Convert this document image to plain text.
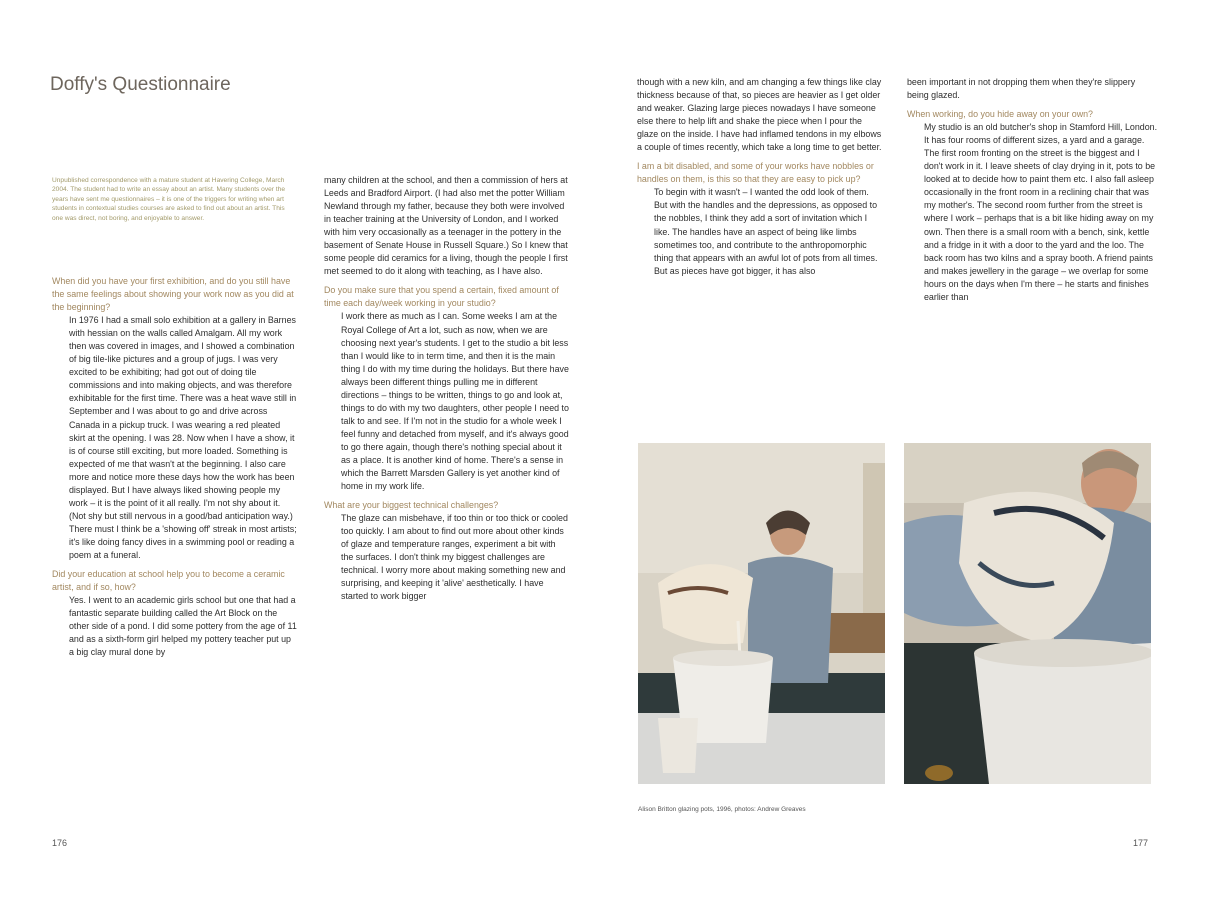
Doffy's Questionnaire

Unpublished correspondence with a mature student at Havering College, March 2004. The student had to write an essay about an artist. Many students over the years have sent me questionnaires – it is one of the triggers for writing when art students in contextual studies courses are asked to find out about an artist. This one was direct, not boring, and enjoyable to answer.

When did you have your first exhibition, and do you still have the same feelings about showing your work now as you did at the beginning?

In 1976 I had a small solo exhibition at a gallery in Barnes with hessian on the walls called Amalgam. All my work then was covered in images, and I showed a combination of big tile-like pictures and a group of jugs. I was very excited to be exhibiting; had got out of doing tile commissions and into making objects, and was therefore exhibitable for the first time. There was a heat wave still in September and I was about to go and drive across Canada in a pickup truck. I was wearing a red pleated skirt at the opening. I was 28. Now when I have a show, it is of course still exciting, but more loaded. Something is expected of me that wasn't at the beginning. I also care more and notice more these days how the work has been displayed. But I have always liked showing people my work – it is the point of it all really. I'm not shy about it. (Not shy but still nervous in a good/bad anticipation way.) There must I think be a 'showing off' streak in most artists; it's like doing fancy dives in a swimming pool or reading a poem at a funeral.

Did your education at school help you to become a ceramic artist, and if so, how?

Yes. I went to an academic girls school but one that had a fantastic separate building called the Art Block on the other side of a pond. I did some pottery from the age of 11 and as a sixth-form girl helped my pottery teacher put up a big clay mural done by

many children at the school, and then a commission of hers at Leeds and Bradford Airport. (I had also met the potter William Newland through my father, because they both were involved in teacher training at the University of London, and I worked with him very occasionally as a teenager in the pottery in the basement of Senate House in Russell Square.) So I knew that some people did ceramics for a living, though the people I first met seemed to do it along with teaching, as I have also.

Do you make sure that you spend a certain, fixed amount of time each day/week working in your studio?

I work there as much as I can. Some weeks I am at the Royal College of Art a lot, such as now, when we are choosing next year's students. I get to the studio a bit less than I would like to in term time, and then it is the main thing I do with my time during the holidays. But there have always been different things pulling me in different directions – things to be written, things to go and look at, things to do with my two daughters, other people I need to talk to and see. If I'm not in the studio for a whole week I feel funny and detached from myself, and it's always good to go there again, though there's nothing special about it as a place. It is another kind of home. There's a sense in which the Barrett Marsden Gallery is yet another kind of home in my work life.

What are your biggest technical challenges?

The glaze can misbehave, if too thin or too thick or cooled too quickly. I am about to find out more about other kinds of glaze and temperature ranges, experiment a bit with the surfaces. I don't think my biggest challenges are technical. I worry more about making something new and surprising, and keeping it 'alive' aesthetically. I have started to work bigger

though with a new kiln, and am changing a few things like clay thickness because of that, so pieces are heavier as I get older and weaker. Glazing large pieces nowadays I have someone else there to help lift and shake the piece when I pour the glaze on the inside. I have had inflamed tendons in my elbows a couple of times recently, which take a long time to get better.

I am a bit disabled, and some of your works have nobbles or handles on them, is this so that they are easy to pick up?

To begin with it wasn't – I wanted the odd look of them. But with the handles and the depressions, as opposed to the nobbles, I think they add a sort of invitation which I like. The handles have an aspect of being like limbs sometimes too, and contribute to the anthropomorphic thing that appears with an awful lot of pots from all times. But as pieces have got bigger, it has also

been important in not dropping them when they're slippery being glazed.

When working, do you hide away on your own?

My studio is an old butcher's shop in Stamford Hill, London. It has four rooms of different sizes, a yard and a garage. The first room fronting on the street is the biggest and I don't work in it. I leave sheets of clay drying in it, pots to be looked at to decide how to paint them etc. I also fall asleep occasionally in the front room in a reclining chair that was my mother's. The second room further from the street is where I work – perhaps that is a bit like hiding away on my own. Then there is a small room with a bench, sink, kettle and a fridge in it with a door to the yard and the loo. The back room has two kilns and a spray booth. A friend paints and makes jewellery in the garage – we overlap for some hours on the days when I'm there – he starts and finishes earlier than

Alison Britton glazing pots, 1996, photos: Andrew Greaves

176	177
